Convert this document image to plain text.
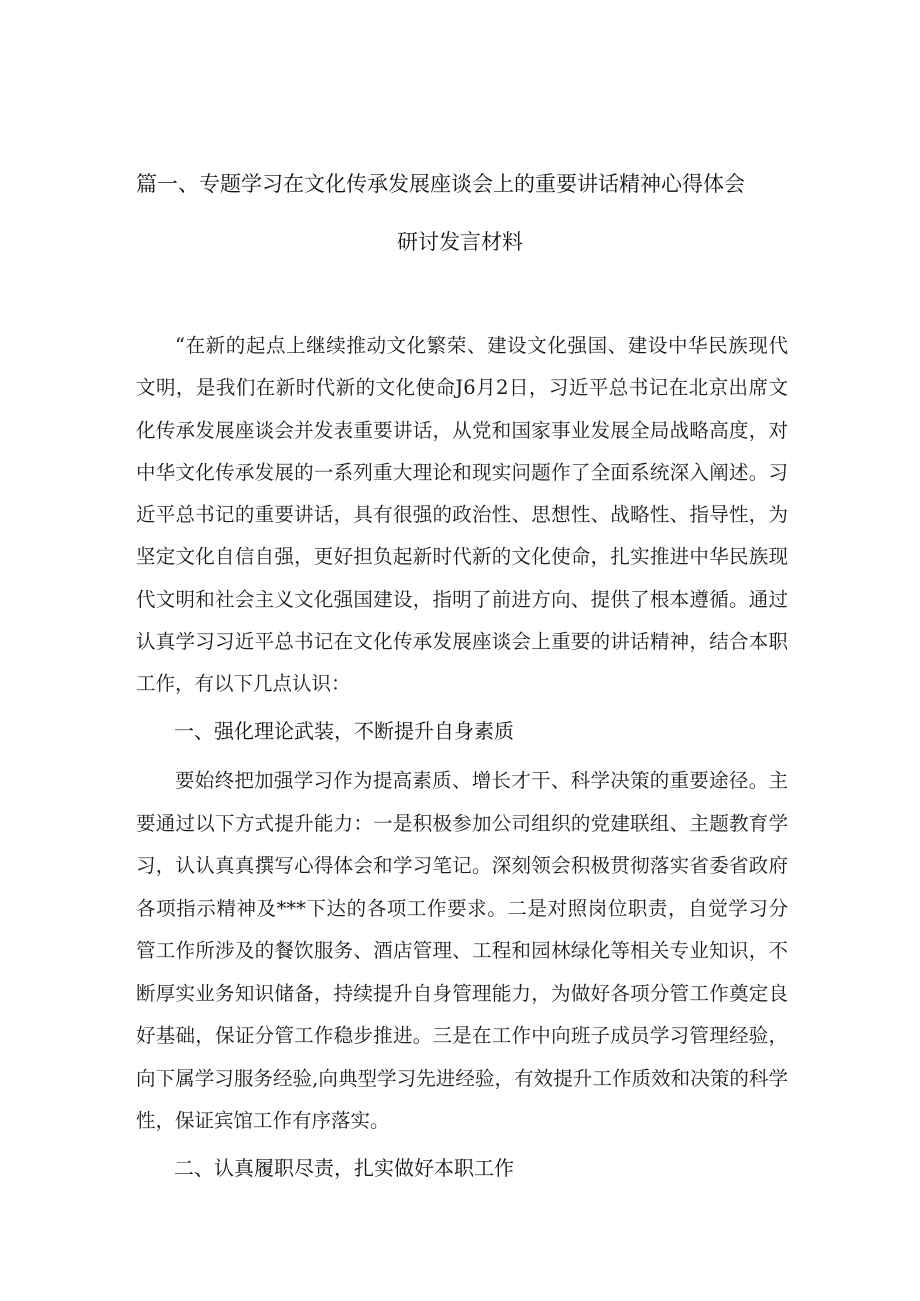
篇一、专题学习在文化传承发展座谈会上的重要讲话精神心得体会
研讨发言材料
“在新的起点上继续推动文化繁荣、建设文化强国、建设中华民族现代文明，是我们在新时代新的文化使命J6月2日，习近平总书记在北京出席文化传承发展座谈会并发表重要讲话，从党和国家事业发展全局战略高度，对中华文化传承发展的一系列重大理论和现实问题作了全面系统深入阐述。习近平总书记的重要讲话，具有很强的政治性、思想性、战略性、指导性，为坚定文化自信自强，更好担负起新时代新的文化使命，扎实推进中华民族现代文明和社会主义文化强国建设，指明了前进方向、提供了根本遵循。通过认真学习习近平总书记在文化传承发展座谈会上重要的讲话精神，结合本职工作，有以下几点认识：
一、强化理论武装，不断提升自身素质
要始终把加强学习作为提高素质、增长才干、科学决策的重要途径。主要通过以下方式提升能力：一是积极参加公司组织的党建联组、主题教育学习，认认真真撰写心得体会和学习笔记。深刻领会积极贯彻落实省委省政府各项指示精神及***下达的各项工作要求。二是对照岗位职责，自觉学习分管工作所涉及的餐饮服务、酒店管理、工程和园林绿化等相关专业知识，不断厚实业务知识储备，持续提升自身管理能力，为做好各项分管工作奠定良好基础，保证分管工作稳步推进。三是在工作中向班子成员学习管理经验，向下属学习服务经验,向典型学习先进经验，有效提升工作质效和决策的科学性，保证宾馆工作有序落实。
二、认真履职尽责，扎实做好本职工作
